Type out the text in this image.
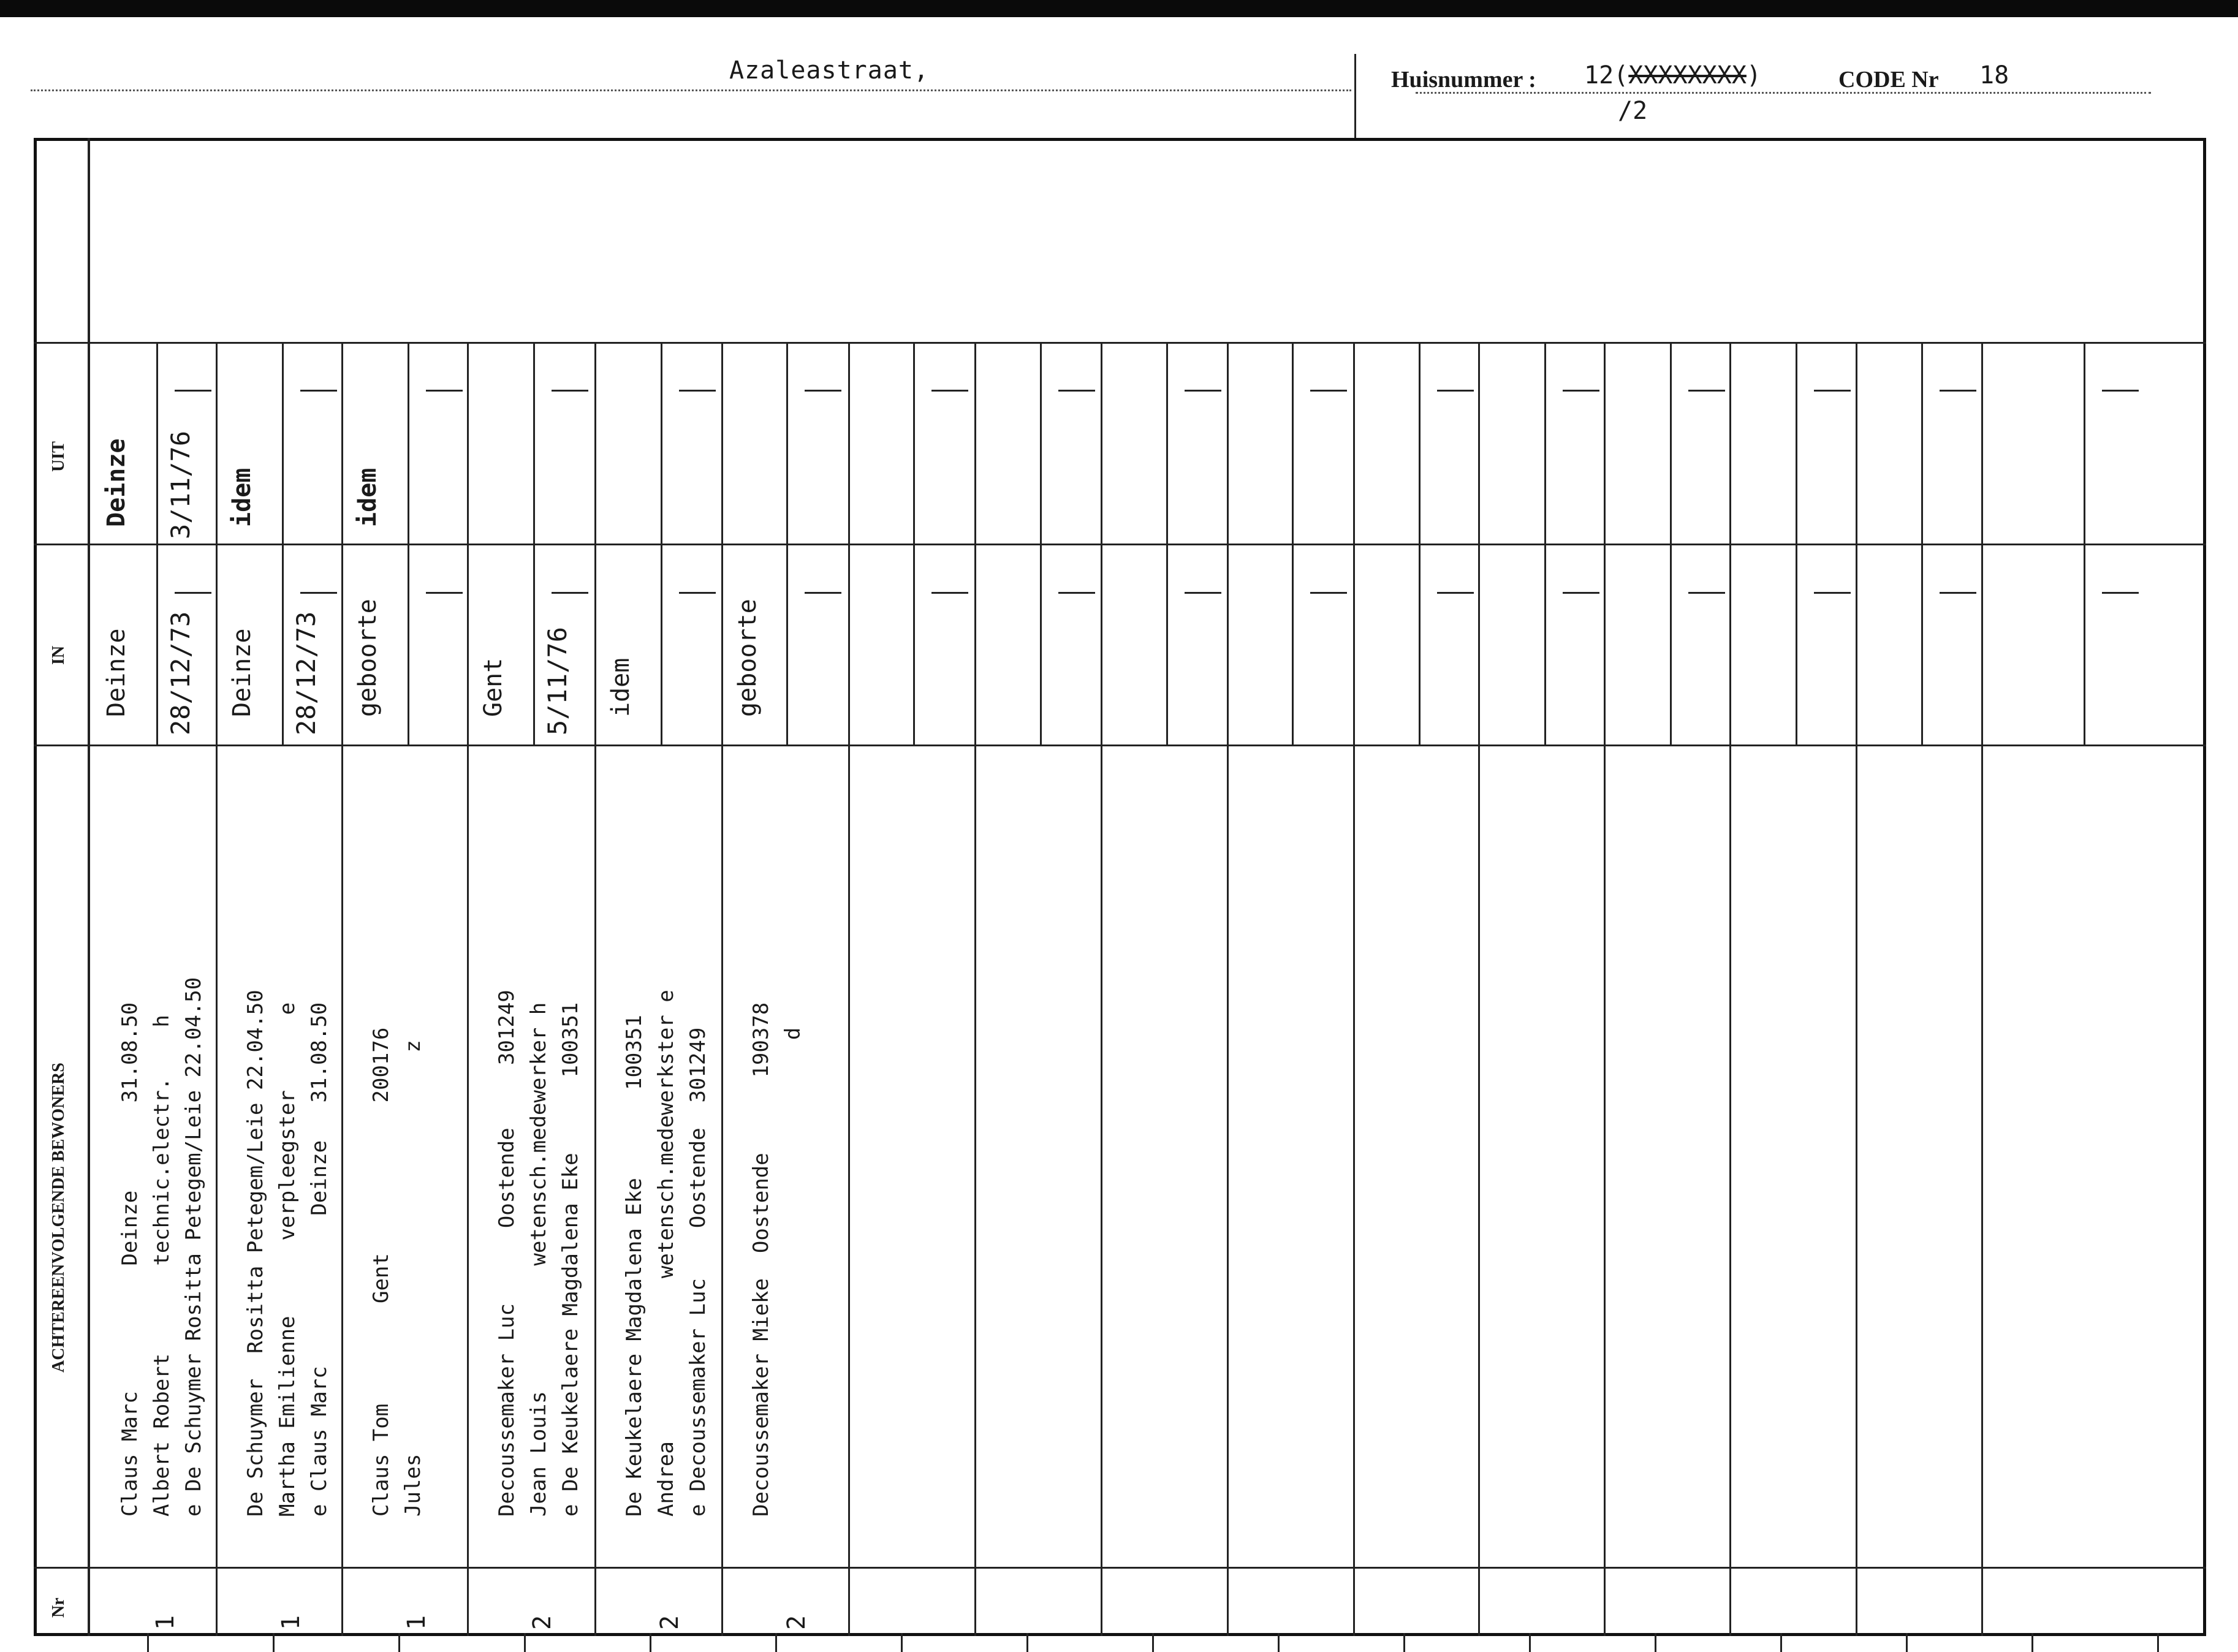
Azaleastraat,	Huisnummer : 12(XXXXXXXX)
/2
CODE Nr 18
UIT
IN
ACHTEREENVOLGENDE BEWONERS
Nr
Deinze 3/11/76
Deinze 28/12/73
Claus Marc          Deinze       31.08.50 Albert Robert       technic.electr.    h e De Schuymer Rositta Petegem/Leie 22.04.50
1
idem
Deinze 28/12/73
De Schuymer  Rositta Petegem/Leie 22.04.50 Martha Emilienne      verpleegster      e e Claus Marc            Deinze   31.08.50
1
idem
geboorte
Claus Tom        Gent            200176 Jules                                z
1
Gent 5/11/76
Decoussemaker Luc      Oostende     301249 Jean Louis          wetensch.medewerker h e De Keukelaere Magdalena Eke      100351
2
idem
De Keukelaere Magdalena Eke       100351 Andrea             wetensch.medewerkster e e Decoussemaker Luc    Oostende  301249
2
geboorte
Decoussemaker Mieke  Oostende      190378 d
2
